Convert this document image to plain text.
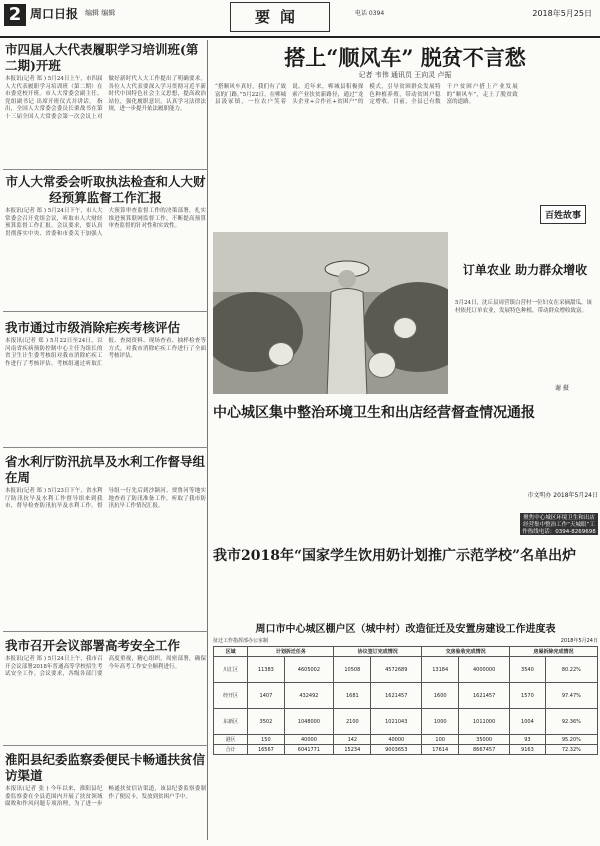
2 周口日报 编辑 编辑	要闻	电话 0394	2018年5月25日
市四届人大代表履职学习培训班(第二期)开班

本报讯(记者 郑 ) 5月24日上午，市四届人大代表履职学习培训班（第二期）在市委党校开班。市人大常委会副主任、党组副书记 出席开班仪式并讲话。 指出，全国人大常委会委员长栗战书在第十三届全国人大常委会第一次会议上对做好新时代人大工作提出了明确要求。各位人大代表要深入学习贯彻习近平新时代中国特色社会主义思想，提高政治站位，强化履职意识，认真学习法律法规，进一步提升依法履职能力。

市人大常委会听取执法检查和人大财经预算监督工作汇报

本报讯(记者 郑 ) 5月24日下午，市人大常委会召开党组会议，听取市人大财经预算监督工作汇报。会议要求，要认真贯彻落实中央、省委和市委关于加强人大预算审查监督工作的决策部署，扎实推进预算联网监督工作，不断提高预算审查监督的针对性和实效性。

我市通过市级消除疟疾考核评估

本报讯(记者 郑 ) 5月22日至24日，以河南省疾病预防控制中心主任为组长的省卫生计生委考核组对我市消除疟疾工作进行了考核评估。考核组通过听取汇报、查阅资料、现场查看、抽样检查等方式，对我市消除疟疾工作进行了全面考核评估。

省水利厅防汛抗旱及水利工作督导组在周

本报讯(记者 郑 ) 5月23日下午，省水利厅防汛抗旱及水利工作督导组来到我市，督导检查防汛抗旱及水利工作。督导组一行先后到沙颍河、贾鲁河等地实地查看了防汛准备工作，听取了我市防汛抗旱工作情况汇报。

我市召开会议部署高考安全工作

本报讯(记者 郑 ) 5月24日上午，我市召开会议部署2018年普通高等学校招生考试安全工作。会议要求，各级各部门要高度重视，精心组织，周密部署，确保今年高考工作安全顺利进行。

淮阳县纪委监察委便民卡畅通扶贫信访渠道

本报讯(记者 张 ) 今年以来，淮阳县纪委监察委在全县范围内开展了扶贫领域腐败和作风问题专项治理，为了进一步畅通扶贫信访渠道，该县纪委监察委制作了便民卡，发放到贫困户手中。

搭上“顺风车” 脱贫不言愁
记者 韦伟 通讯员 王向灵 卢振
“搭顺风车真好，我们有了致富的门路。”5月22日，在郸城县汲冢镇，一位农户笑着说。近年来，郸城县积极探索产业扶贫新路径，通过“龙头企业+合作社+贫困户”的模式，引导贫困群众发展特色种植养殖，带动贫困户稳定增收。目前，全县已有数千户贫困户搭上产业发展的“顺风车”，走上了脱贫致富的道路。
百姓故事
订单农业 助力群众增收
5月24日，沈丘县周营镇白营村一位妇女在采摘甜瓜。该村依托订单农业，发展特色种植，带动群众增收致富。
谢 摄
中心城区集中整治环境卫生和出店经营督查情况通报
市文明办 2018年5月24日
聚焦中心城区环境卫生和出店经营集中整治工作“天城眼”工作热线电话：0394-8269698
我市2018年“国家学生饮用奶计划推广示范学校”名单出炉
周口市中心城区棚户区（城中村）改造征迁及安置房建设工作进度表
征迁工作指挥部办公室制	2018年5月24日
区域	计划拆迁任务		协议签订完成情况		交房验收完成情况		房屋拆除完成情况	
川汇区	11383	4605002	10508	4572689	13184	4000000	3540	80.22%
经开区	1407	432492	1681	1621457	1600	1621457	1570	97.47%
东新区	3502	1048000	2100	1021043	1000	1011000	1004	92.36%
港区	150	40000	142	40000	100	35000	93	95.20%
合计	16567	6041771	15234	9003653	17614	8667457	9163	72.32%
